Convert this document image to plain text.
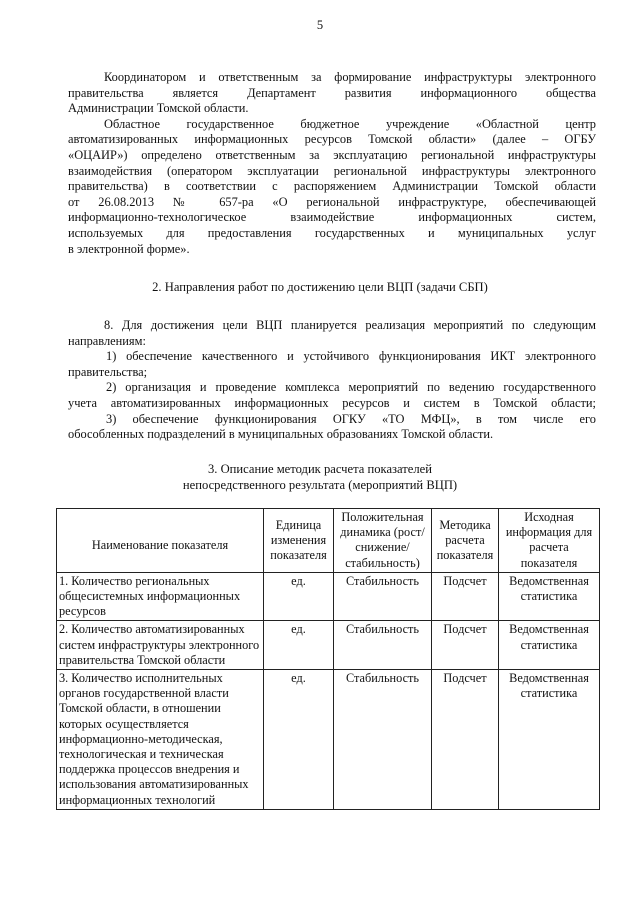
5
Координатором и ответственным за формирование инфраструктуры электронного
правительства является Департамент развития информационного общества
Администрации Томской области.
Областное государственное бюджетное учреждение «Областной центр
автоматизированных информационных ресурсов Томской области» (далее – ОГБУ
«ОЦАИР») определено ответственным за эксплуатацию региональной инфраструктуры
взаимодействия (оператором эксплуатации региональной инфраструктуры электронного
правительства) в соответствии с распоряжением Администрации Томской области
от 26.08.2013 № 657-ра «О региональной инфраструктуре, обеспечивающей
информационно-технологическое взаимодействие информационных систем,
используемых для предоставления государственных и муниципальных услуг
в электронной форме».
2. Направления работ по достижению цели ВЦП (задачи СБП)
8. Для достижения цели ВЦП планируется реализация мероприятий по следующим
направлениям:
1) обеспечение качественного и устойчивого функционирования ИКТ электронного
правительства;
2) организация и проведение комплекса мероприятий по ведению государственного
учета автоматизированных информационных ресурсов и систем в Томской области;
3) обеспечение функционирования ОГКУ «ТО МФЦ», в том числе его
обособленных подразделений в муниципальных образованиях Томской области.
3. Описание методик расчета показателей
непосредственного результата (мероприятий ВЦП)
Наименование показателя	Единица изменения показателя	Положительная динамика (рост/ снижение/ стабильность)	Методика расчета показателя	Исходная информация для расчета показателя
1. Количество региональных общесистемных информационных ресурсов	ед.	Стабильность	Подсчет	Ведомственная статистика
2. Количество автоматизированных систем инфраструктуры электронного правительства Томской области	ед.	Стабильность	Подсчет	Ведомственная статистика
3. Количество исполнительных органов государственной власти Томской области, в отношении которых осуществляется информационно-методическая, технологическая и техническая поддержка процессов внедрения и использования автоматизированных информационных технологий	ед.	Стабильность	Подсчет	Ведомственная статистика
